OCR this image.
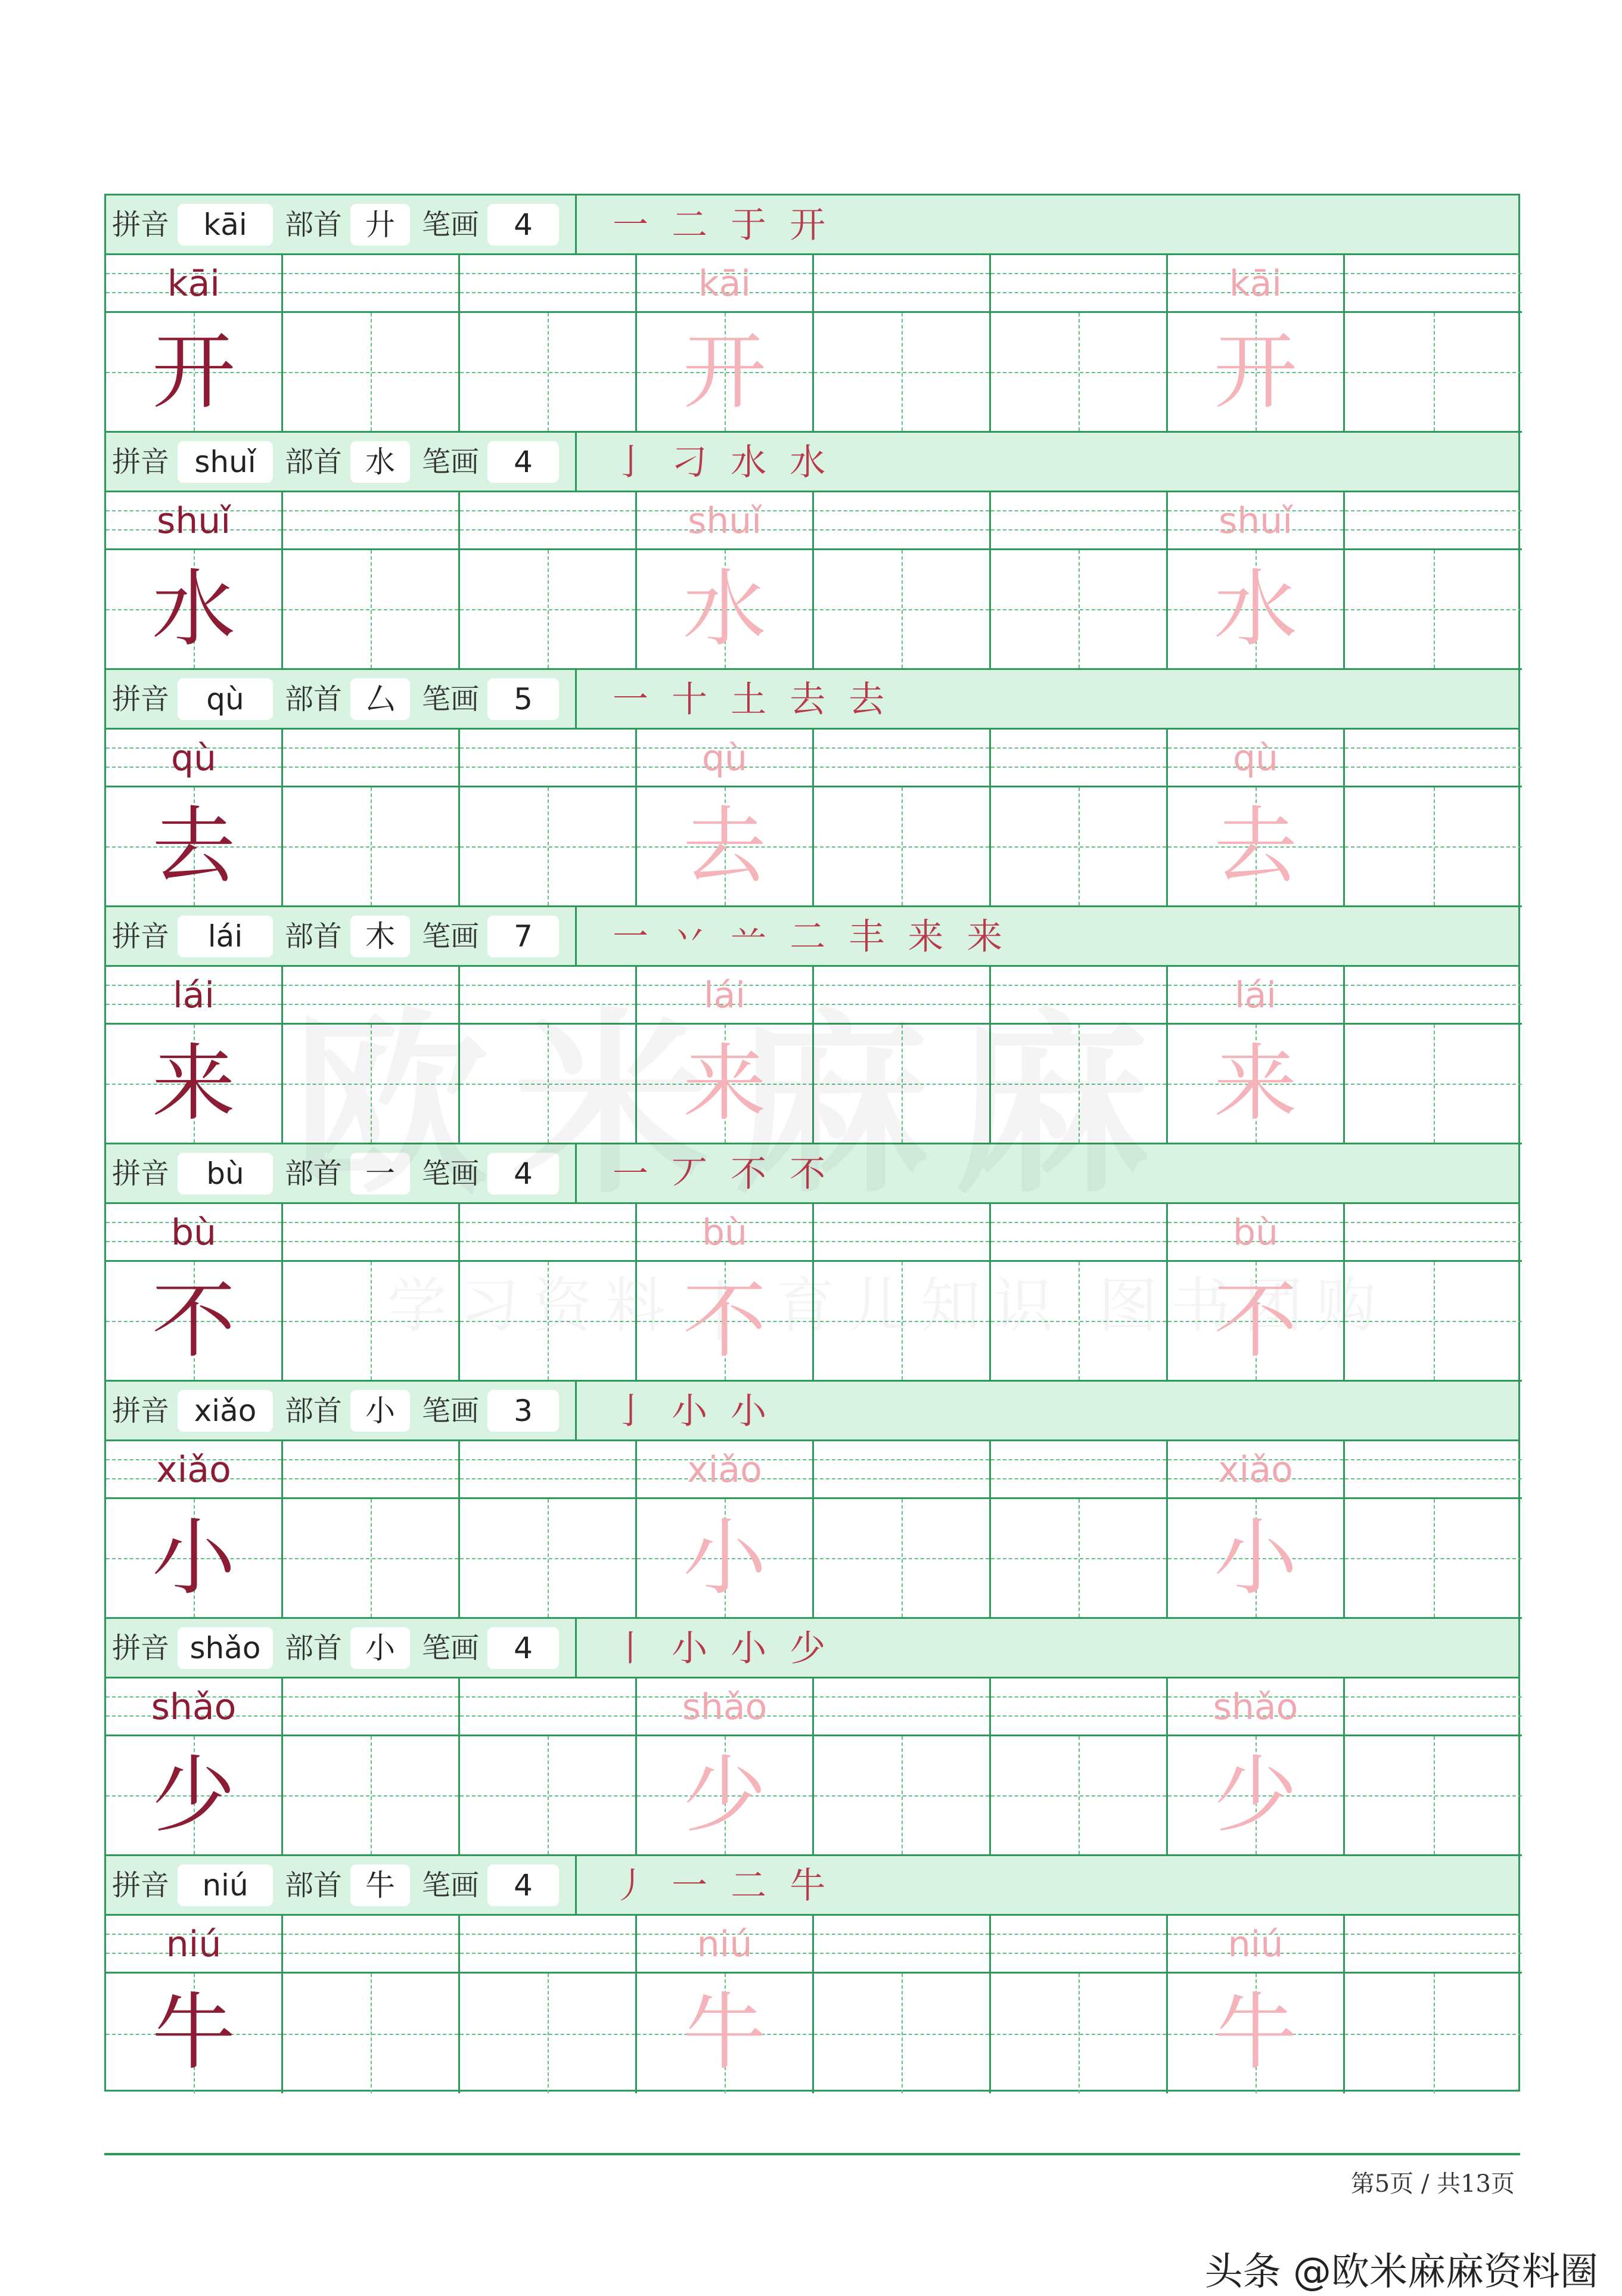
拼音	kāi	部首 廾 笔画	4	一 二 于 开
kāi
开
kāi
开
kāi
开
拼音 shuǐ	部首 水 笔画	4	亅 刁 水 水
shuǐ
水
shuǐ
水
shuǐ
水
拼音	qù	部首 厶 笔画	5	一 十 土 去 去
qù
去
qù
去
qù
去
拼音	lái	部首 木 笔画	7	一 丷 䒑 二 丰 来 来
lái
来
lái
来
lái
来
拼音	bù	部首 一 笔画	4	一 丆 不 不
bù
不
bù
不
bù
不
拼音 xiǎo 部首 小 笔画	3	亅 小 小
xiǎo
小
xiǎo
小
xiǎo
小
拼音 shǎo 部首 小 笔画	4	丨 小 小 少
shǎo
少
shǎo
少
shǎo
少
拼音	niú	部首 牛 笔画	4	丿 一 二 牛
niú
牛
niú
牛
niú
牛
第5页 / 共13页
头条 @欧米麻麻资料圈
